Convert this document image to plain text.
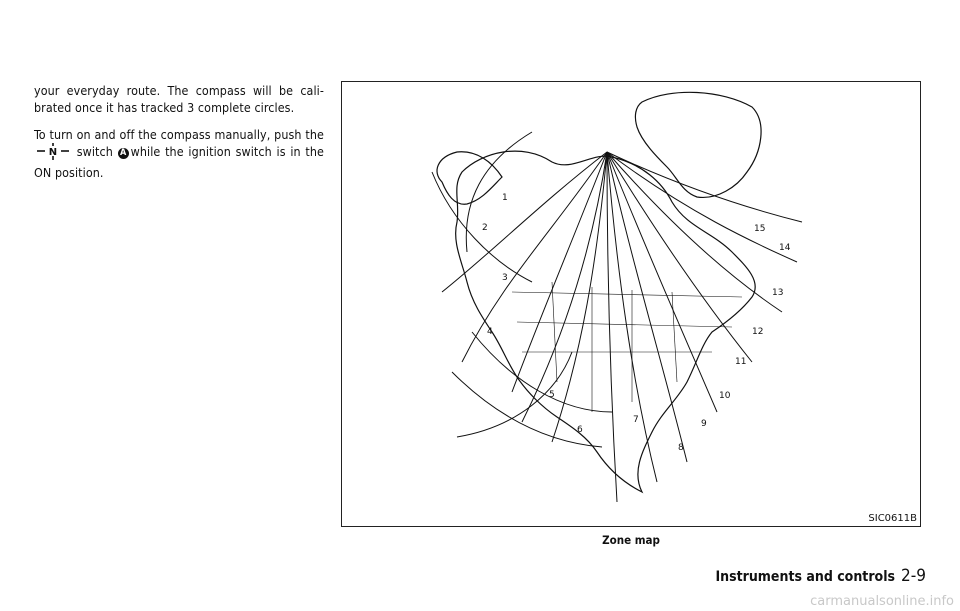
your everyday route. The compass will be cali- brated once it has tracked 3 complete circles.

To turn on and off the compass manually, push the
N switch A while the ignition switch is in the ON position.

1
2
3
4
5
6
7
8
9
10
11
12
13
14
15
SIC0611B
Zone map
Instruments and controls 2-9
carmanualsonline.info
